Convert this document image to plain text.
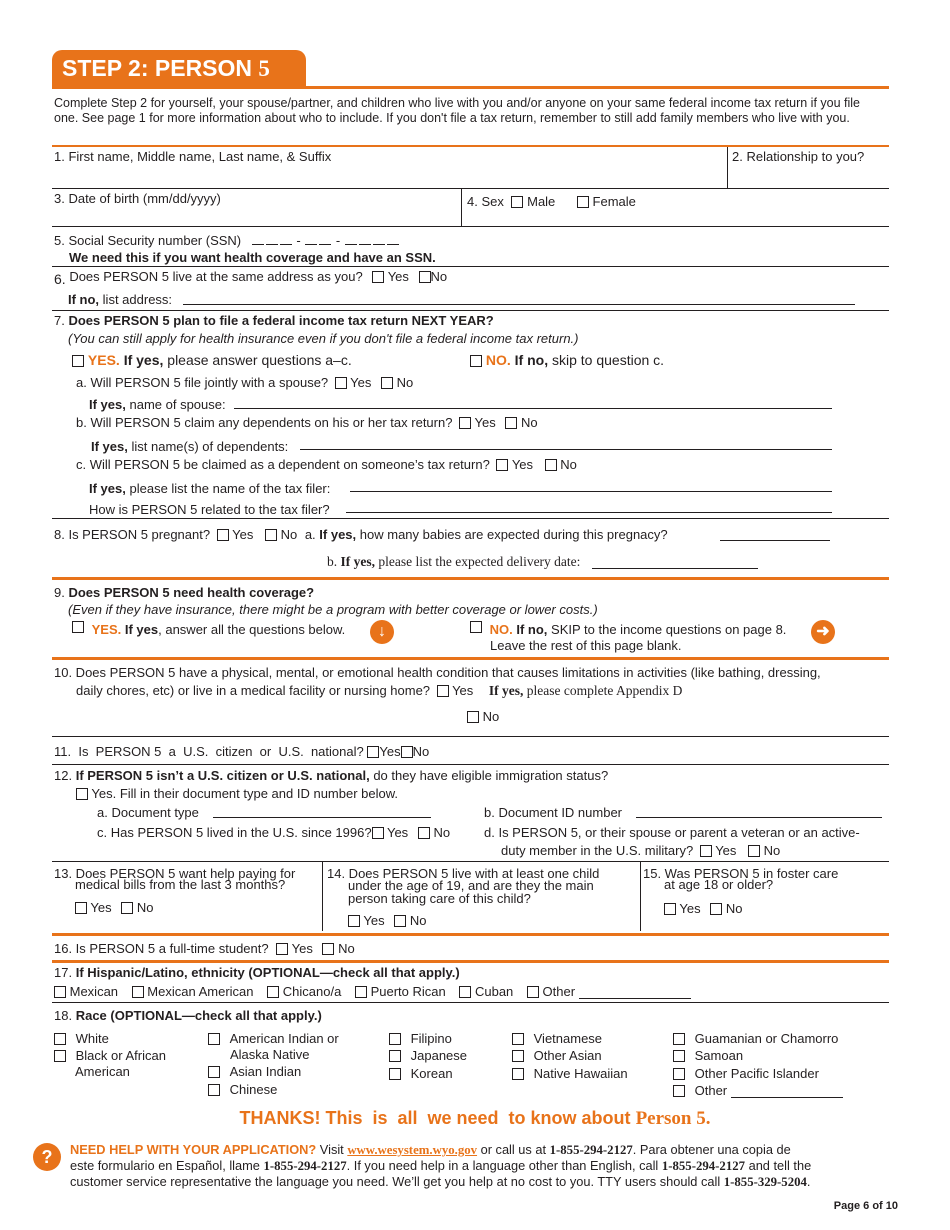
STEP 2: PERSON 5
Complete Step 2 for yourself, your spouse/partner, and children who live with you and/or anyone on your same federal income tax return if you file one. See page 1 for more information about who to include. If you don't file a tax return, remember to still add family members who live with you.
1. First name, Middle name, Last name, & Suffix	2. Relationship to you?
3. Date of birth (mm/dd/yyyy)	4. Sex Male	Female
5. Social Security number (SSN)	-  -
We need this if you want health coverage and have an SSN.
6. Does PERSON 5 live at the same address as you? Yes No
If no, list address:
7. Does PERSON 5 plan to file a federal income tax return NEXT YEAR?
(You can still apply for health insurance even if you don't file a federal income tax return.)
YES. If yes, please answer questions a–c.	NO. If no, skip to question c.
a. Will PERSON 5 file jointly with a spouse? Yes No
If yes, name of spouse:
b. Will PERSON 5 claim any dependents on his or her tax return? Yes No
If yes, list name(s) of dependents:
c. Will PERSON 5 be claimed as a dependent on someone’s tax return? Yes No
If yes, please list the name of the tax filer:
How is PERSON 5 related to the tax filer?
8. Is PERSON 5 pregnant? Yes No a. If yes, how many babies are expected during this pregnacy?
b. If yes, please list the expected delivery date:
9. Does PERSON 5 need health coverage?
(Even if they have insurance, there might be a program with better coverage or lower costs.)
YES. If yes, answer all the questions below.	↓	NO. If no, SKIP to the income questions on page 8.
Leave the rest of this page blank.
➜
10. Does PERSON 5 have a physical, mental, or emotional health condition that causes limitations in activities (like bathing, dressing,
daily chores, etc) or live in a medical facility or nursing home? Yes If yes, please complete Appendix D
No
11.  Is  PERSON 5  a  U.S.  citizen  or  U.S.  national? Yes No
12. If PERSON 5 isn’t a U.S. citizen or U.S. national, do they have eligible immigration status?
Yes. Fill in their document type and ID number below.
a. Document type	b. Document ID number
c. Has PERSON 5 lived in the U.S. since 1996? Yes No	d. Is PERSON 5, or their spouse or parent a veteran or an active-
duty member in the U.S. military? Yes No
13. Does PERSON 5 want help paying for
medical bills from the last 3 months?
Yes No
14. Does PERSON 5 live with at least one child
under the age of 19, and are they the main
person taking care of this child?
Yes No
15. Was PERSON 5 in foster care
at age 18 or older?
Yes No
16. Is PERSON 5 a full-time student? Yes No
17. If Hispanic/Latino, ethnicity (OPTIONAL—check all that apply.)
Mexican Mexican American Chicano/a Puerto Rican Cuban Other
18. Race (OPTIONAL—check all that apply.)
White
Black or African
American
American Indian or
Alaska Native
Asian Indian
Chinese
Filipino
Japanese
Korean
Vietnamese
Other Asian
Native Hawaiian
Guamanian or Chamorro
Samoan
Other Pacific Islander
Other
THANKS! This  is  all  we need  to know about Person 5.
?	NEED HELP WITH YOUR APPLICATION? Visit www.wesystem.wyo.gov or call us at 1-855-294-2127. Para obtener una copia de
este formulario en Español, llame 1-855-294-2127. If you need help in a language other than English, call 1-855-294-2127 and tell the
customer service representative the language you need. We’ll get you help at no cost to you. TTY users should call 1-855-329-5204.
Page 6 of 10
